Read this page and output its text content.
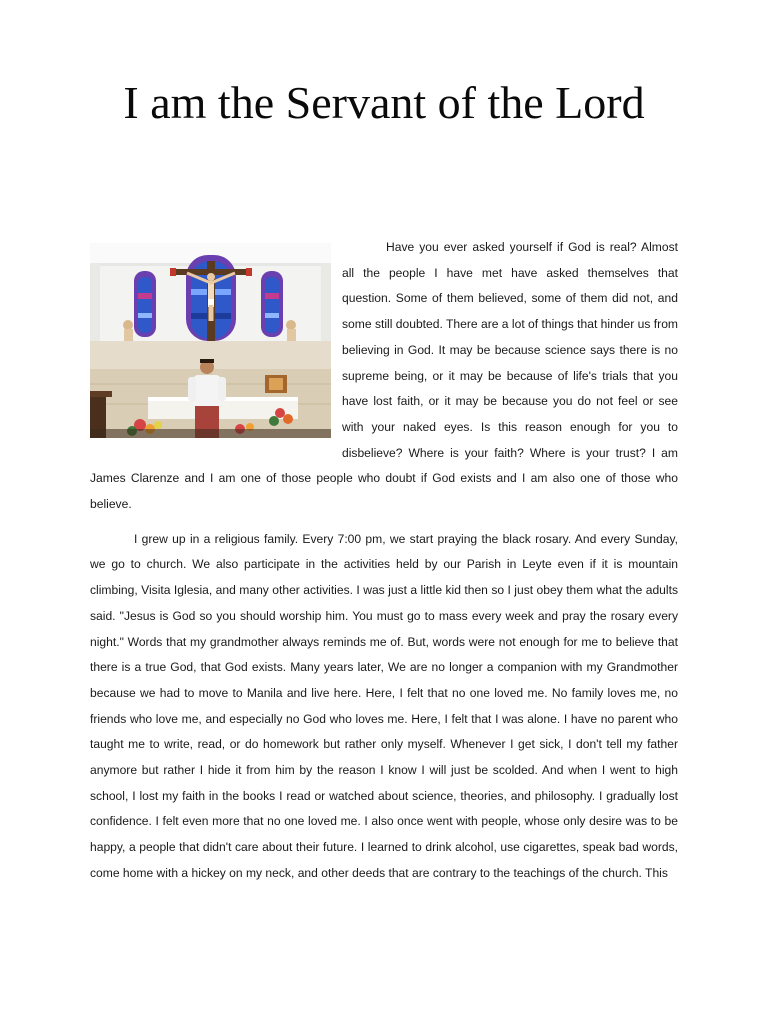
I am the Servant of the Lord

Have you ever asked yourself if God is real? Almost all the people I have met have asked themselves that question. Some of them believed, some of them did not, and some still doubted. There are a lot of things that hinder us from believing in God. It may be because science says there is no supreme being, or it may be because of life's trials that you have lost faith, or it may be because you do not feel or see with your naked eyes. Is this reason enough for you to disbelieve? Where is your faith? Where is your trust? I am James Clarenze and I am one of those people who doubt if God exists and I am also one of those who believe.

I grew up in a religious family. Every 7:00 pm, we start praying the black rosary. And every Sunday, we go to church. We also participate in the activities held by our Parish in Leyte even if it is mountain climbing, Visita Iglesia, and many other activities. I was just a little kid then so I just obey them what the adults said. "Jesus is God so you should worship him. You must go to mass every week and pray the rosary every night." Words that my grandmother always reminds me of. But, words were not enough for me to believe that there is a true God, that God exists. Many years later, We are no longer a companion with my Grandmother because we had to move to Manila and live here. Here, I felt that no one loved me. No family loves me, no friends who love me, and especially no God who loves me. Here, I felt that I was alone. I have no parent who taught me to write, read, or do homework but rather only myself. Whenever I get sick, I don't tell my father anymore but rather I hide it from him by the reason I know I will just be scolded. And when I went to high school, I lost my faith in the books I read or watched about science, theories, and philosophy. I gradually lost confidence. I felt even more that no one loved me. I also once went with people, whose only desire was to be happy, a people that didn't care about their future. I learned to drink alcohol, use cigarettes, speak bad words, come home with a hickey on my neck, and other deeds that are contrary to the teachings of the church. This
